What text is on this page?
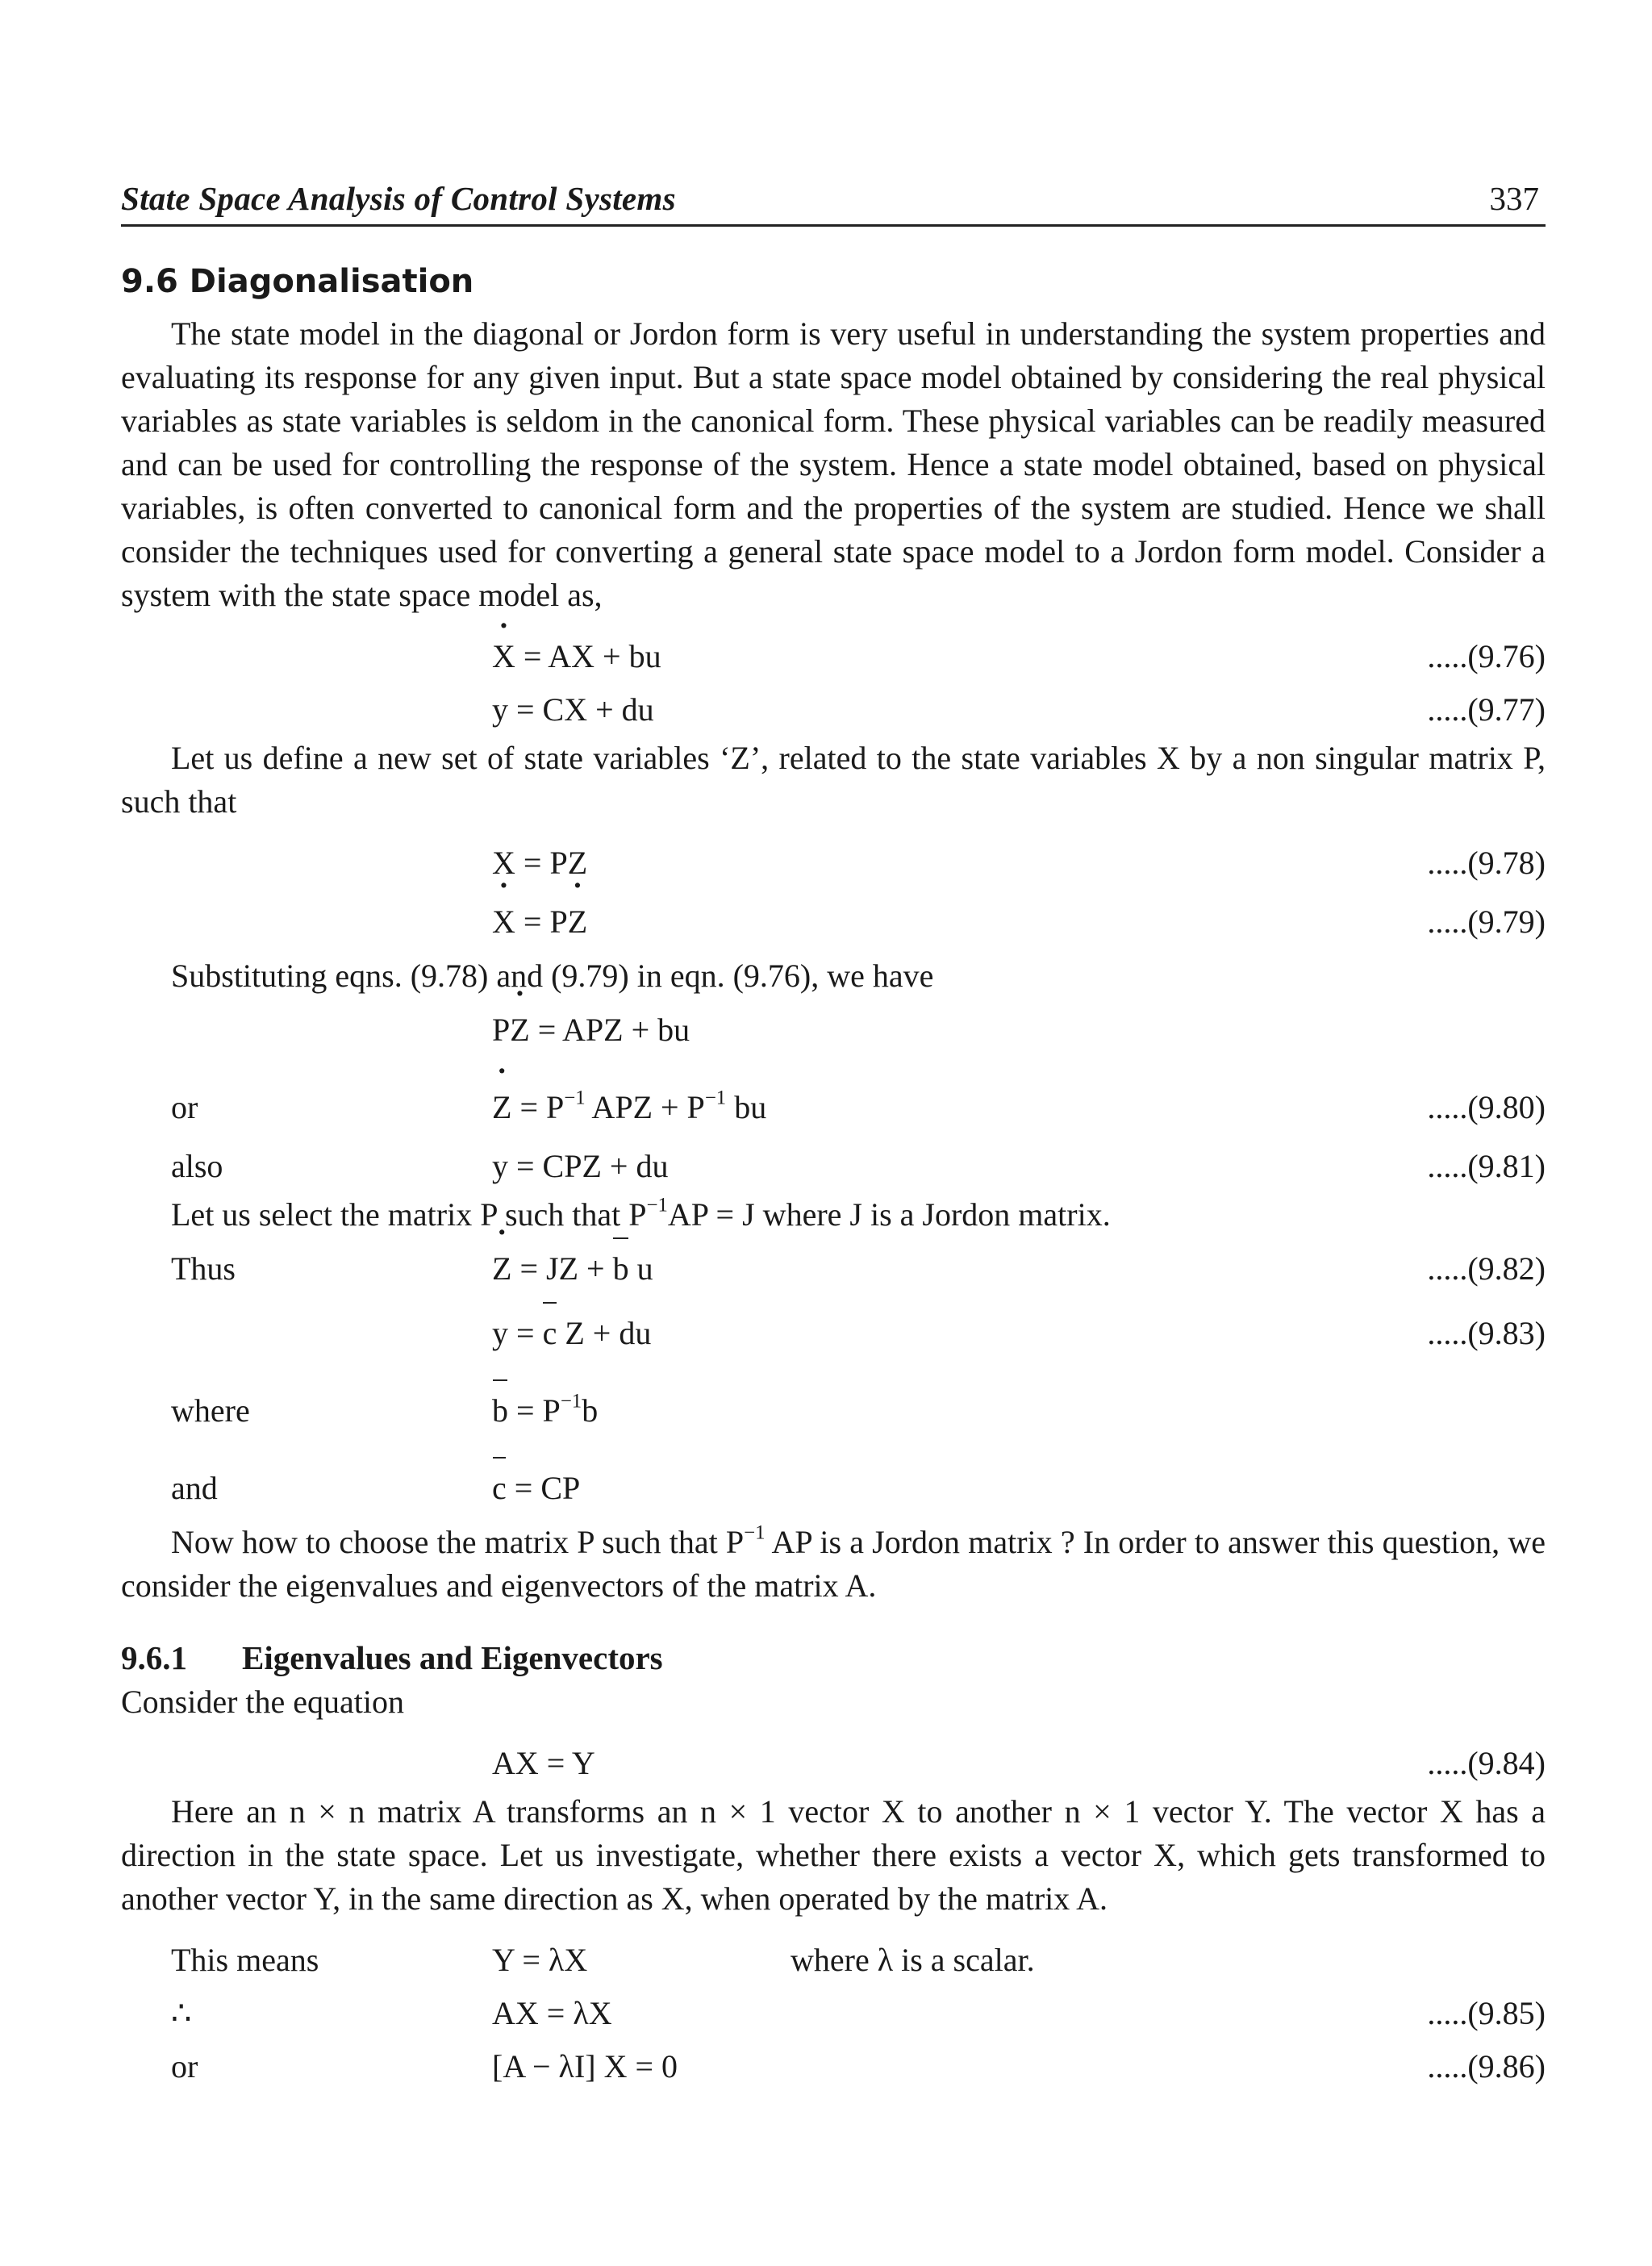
State Space Analysis of Control Systems	337
9.6 Diagonalisation

The state model in the diagonal or Jordon form is very useful in understanding the system properties and evaluating its response for any given input. But a state space model obtained by considering the real physical variables as state variables is seldom in the canonical form. These physical variables can be readily measured and can be used for controlling the response of the system. Hence a state model obtained, based on physical variables, is often converted to canonical form and the properties of the system are studied. Hence we shall consider the techniques used for converting a general state space model to a Jordon form model. Consider a system with the state space model as,

· X = AX + bu	.....(9.76)
y = CX + du	.....(9.77)

Let us define a new set of state variables ‘Z’, related to the state variables X by a non singular matrix P, such that

X = PZ	.....(9.78)
· X = P· Z	.....(9.79)

Substituting eqns. (9.78) and (9.79) in eqn. (9.76), we have

P· Z = APZ + bu
or	· $Z = P^{-1}$ APZ + $P^{-1}$ bu	.....(9.80)
also	y = CPZ + du	.....(9.81)

Let us select the matrix P such that $P^{-1}AP = J$ where J is a Jordon matrix.

Thus	· Z = JZ + b u	.....(9.82)
y = c Z + du	.....(9.83)
where	$b = P^{-1}b$
and	c = CP

Now how to choose the matrix P such that $P^{-1}$ AP is a Jordon matrix ? In order to answer this question, we consider the eigenvalues and eigenvectors of the matrix A.

9.6.1 Eigenvalues and Eigenvectors

Consider the equation

AX = Y	.....(9.84)

Here an n × n matrix A transforms an n × 1 vector X to another n × 1 vector Y. The vector X has a direction in the state space. Let us investigate, whether there exists a vector X, which gets transformed to another vector Y, in the same direction as X, when operated by the matrix A.

This means	Y = λX	where λ is a scalar.
∴	AX = λX	.....(9.85)
or	[A − λI] X = 0	.....(9.86)
